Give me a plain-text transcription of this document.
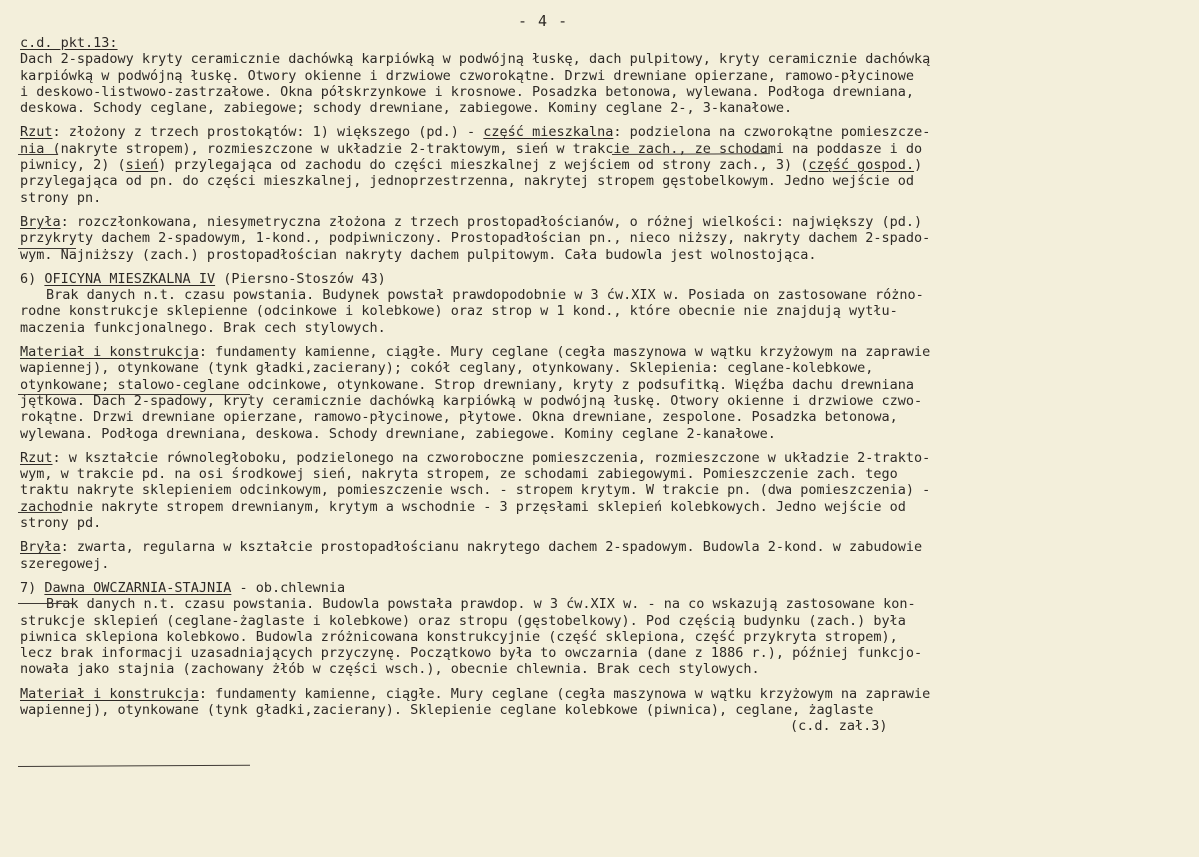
- 4 -
c.d. pkt.13:
Dach 2-spadowy kryty ceramicznie dachówką karpiówką w podwójną łuskę, dach pulpitowy, kryty ceramicznie dachówką
karpiówką w podwójną łuskę. Otwory okienne i drzwiowe czworokątne. Drzwi drewniane opierzane, ramowo-płycinowe
i deskowo-listwowo-zastrzałowe. Okna półskrzynkowe i krosnowe. Posadzka betonowa, wylewana. Podłoga drewniana,
deskowa. Schody ceglane, zabiegowe; schody drewniane, zabiegowe. Kominy ceglane 2-, 3-kanałowe.
Rzut: złożony z trzech prostokątów: 1) większego (pd.) - część mieszkalna: podzielona na czworokątne pomieszcze-
nia (nakryte stropem), rozmieszczone w układzie 2-traktowym, sień w trakcie zach., ze schodami na poddasze i do
piwnicy, 2) (sień) przylegająca od zachodu do części mieszkalnej z wejściem od strony zach., 3) (część gospod.)
przylegająca od pn. do części mieszkalnej, jednoprzestrzenna, nakrytej stropem gęstobelkowym. Jedno wejście od
strony pn.
Bryła: rozczłonkowana, niesymetryczna złożona z trzech prostopadłościanów, o różnej wielkości: największy (pd.)
przykryty dachem 2-spadowym, 1-kond., podpiwniczony. Prostopadłościan pn., nieco niższy, nakryty dachem 2-spado-
wym. Najniższy (zach.) prostopadłościan nakryty dachem pulpitowym. Cała budowla jest wolnostojąca.
6) OFICYNA MIESZKALNA IV (Piersno-Stoszów 43)
Brak danych n.t. czasu powstania. Budynek powstał prawdopodobnie w 3 ćw.XIX w. Posiada on zastosowane różno-
rodne konstrukcje sklepienne (odcinkowe i kolebkowe) oraz strop w 1 kond., które obecnie nie znajdują wytłu-
maczenia funkcjonalnego. Brak cech stylowych.
Materiał i konstrukcja: fundamenty kamienne, ciągłe. Mury ceglane (cegła maszynowa w wątku krzyżowym na zaprawie
wapiennej), otynkowane (tynk gładki,zacierany); cokół ceglany, otynkowany. Sklepienia: ceglane-kolebkowe,
otynkowane; stalowo-ceglane odcinkowe, otynkowane. Strop drewniany, kryty z podsufitką. Więźba dachu drewniana
jętkowa. Dach 2-spadowy, kryty ceramicznie dachówką karpiówką w podwójną łuskę. Otwory okienne i drzwiowe czwo-
rokątne. Drzwi drewniane opierzane, ramowo-płycinowe, płytowe. Okna drewniane, zespolone. Posadzka betonowa,
wylewana. Podłoga drewniana, deskowa. Schody drewniane, zabiegowe. Kominy ceglane 2-kanałowe.
Rzut: w kształcie równoległoboku, podzielonego na czworoboczne pomieszczenia, rozmieszczone w układzie 2-trakto-
wym, w trakcie pd. na osi środkowej sień, nakryta stropem, ze schodami zabiegowymi. Pomieszczenie zach. tego
traktu nakryte sklepieniem odcinkowym, pomieszczenie wsch. - stropem krytym. W trakcie pn. (dwa pomieszczenia) -
zachodnie nakryte stropem drewnianym, krytym a wschodnie - 3 przęsłami sklepień kolebkowych. Jedno wejście od
strony pd.
Bryła: zwarta, regularna w kształcie prostopadłościanu nakrytego dachem 2-spadowym. Budowla 2-kond. w zabudowie
szeregowej.
7) Dawna OWCZARNIA-STAJNIA - ob.chlewnia
Brak danych n.t. czasu powstania. Budowla powstała prawdop. w 3 ćw.XIX w. - na co wskazują zastosowane kon-
strukcje sklepień (ceglane-żaglaste i kolebkowe) oraz stropu (gęstobelkowy). Pod częścią budynku (zach.) była
piwnica sklepiona kolebkowo. Budowla zróżnicowana konstrukcyjnie (część sklepiona, część przykryta stropem),
lecz brak informacji uzasadniających przyczynę. Początkowo była to owczarnia (dane z 1886 r.), później funkcjo-
nowała jako stajnia (zachowany żłób w części wsch.), obecnie chlewnia. Brak cech stylowych.
Materiał i konstrukcja: fundamenty kamienne, ciągłe. Mury ceglane (cegła maszynowa w wątku krzyżowym na zaprawie
wapiennej), otynkowane (tynk gładki,zacierany). Sklepienie ceglane kolebkowe (piwnica), ceglane, żaglaste
(c.d. zał.3)
